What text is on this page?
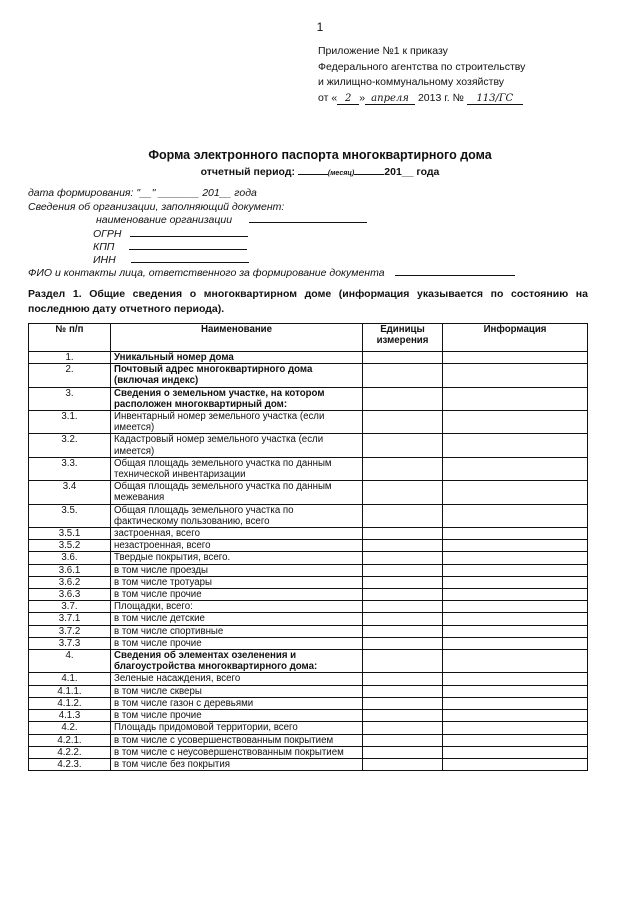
1
Приложение №1 к приказу
Федерального агентства по строительству
и жилищно-коммунальному хозяйству
от « 2 » апреля 2013 г. № 113/ГС
Форма электронного паспорта многоквартирного дома
отчетный период:	(месяц)	201__ года
дата формирования: "__" _______ 201__ года
Сведения об организации, заполняющий документ:
наименование организации
ОГРН
КПП
ИНН
ФИО и контакты лица, ответственного за формирование документа
Раздел 1. Общие сведения о многоквартирном доме (информация указывается по состоянию на последнюю дату отчетного периода).
№ п/п	Наименование	Единицы измерения	Информация
1.	Уникальный номер дома		
2.	Почтовый адрес многоквартирного дома (включая индекс)		
3.	Сведения о земельном участке, на котором расположен многоквартирный дом:		
3.1.	Инвентарный номер земельного участка (если имеется)		
3.2.	Кадастровый номер земельного участка (если имеется)		
3.3.	Общая площадь земельного участка по данным технической инвентаризации		
3.4	Общая площадь земельного участка по данным межевания		
3.5.	Общая площадь земельного участка по фактическому пользованию, всего		
3.5.1	застроенная, всего		
3.5.2	незастроенная, всего		
3.6.	Твердые покрытия, всего.		
3.6.1	в том числе проезды		
3.6.2	в том числе тротуары		
3.6.3	в том числе прочие		
3.7.	Площадки, всего:		
3.7.1	в том числе детские		
3.7.2	в том числе спортивные		
3.7.3	в том числе прочие		
4.	Сведения об элементах озеленения и благоустройства многоквартирного дома:		
4.1.	Зеленые насаждения, всего		
4.1.1.	в том числе скверы		
4.1.2.	в том числе газон с деревьями		
4.1.3	в том числе прочие		
4.2.	Площадь придомовой территории, всего		
4.2.1.	в том числе с усовершенствованным покрытием		
4.2.2.	в том числе с неусовершенствованным покрытием		
4.2.3.	в том числе без покрытия		
